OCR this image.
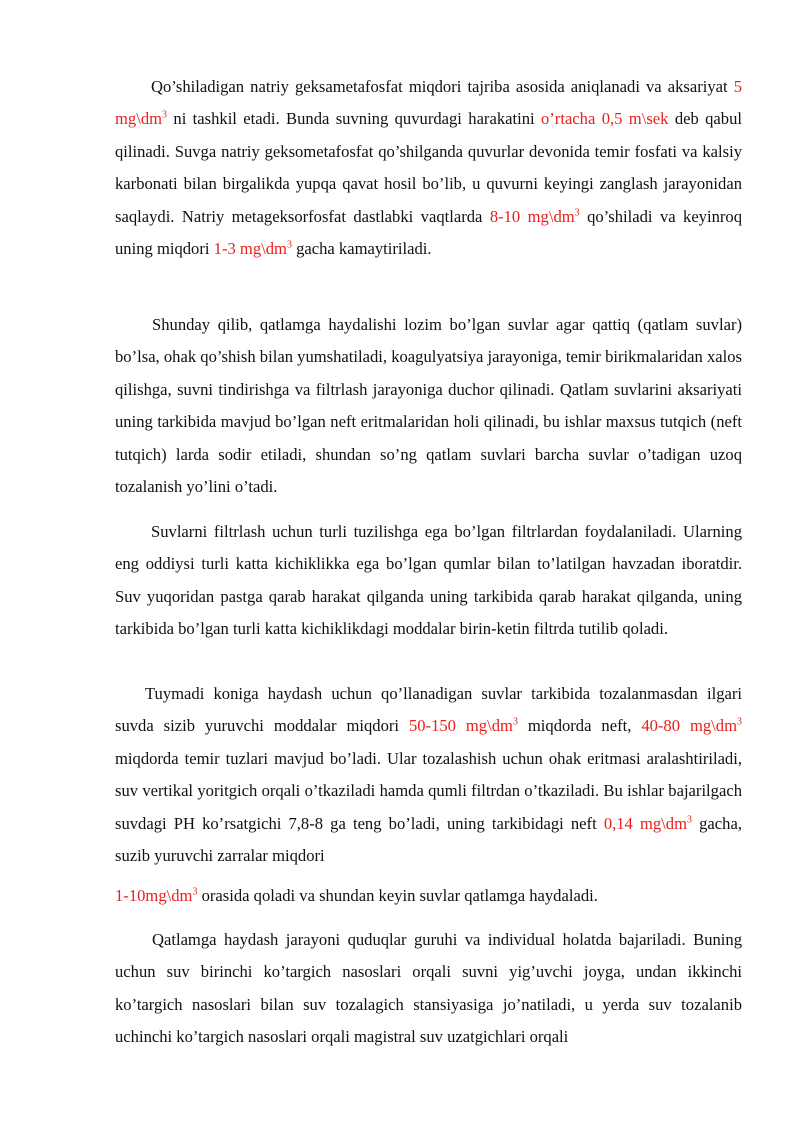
Qo’shiladigan natriy geksametafosfat miqdori tajriba asosida aniqlanadi va aksariyat 5 $mg\backslash dm^3$ ni tashkil etadi. Bunda suvning quvurdagi harakatini o’rtacha 0,5 m\sek deb qabul qilinadi. Suvga natriy geksometafosfat qo’shilganda quvurlar devonida temir fosfati va kalsiy karbonati bilan birgalikda yupqa qavat hosil bo’lib, u quvurni keyingi zanglash jarayonidan saqlaydi. Natriy metageksorfosfat dastlabki vaqtlarda 8-10 $mg\backslash dm^3$ qo’shiladi va keyinroq uning miqdori 1-3 $mg\backslash dm^3$ gacha kamaytiriladi.

Shunday qilib, qatlamga haydalishi lozim bo’lgan suvlar agar qattiq (qatlam suvlar) bo’lsa, ohak qo’shish bilan yumshatiladi, koagulyatsiya jarayoniga, temir birikmalaridan xalos qilishga, suvni tindirishga va filtrlash jarayoniga duchor qilinadi. Qatlam suvlarini aksariyati uning tarkibida mavjud bo’lgan neft eritmalaridan holi qilinadi, bu ishlar maxsus tutqich (neft tutqich) larda sodir etiladi, shundan so’ng qatlam suvlari barcha suvlar o’tadigan uzoq tozalanish yo’lini o’tadi.

Suvlarni filtrlash uchun turli tuzilishga ega bo’lgan filtrlardan foydalaniladi. Ularning eng oddiysi turli katta kichiklikka ega bo’lgan qumlar bilan to’latilgan havzadan iboratdir. Suv yuqoridan pastga qarab harakat qilganda uning tarkibida qarab harakat qilganda, uning tarkibida bo’lgan turli katta kichiklikdagi moddalar birin-ketin filtrda tutilib qoladi.

Tuymadi koniga haydash uchun qo’llanadigan suvlar tarkibida tozalanmasdan ilgari suvda sizib yuruvchi moddalar miqdori 50-150 $mg\backslash dm^3$ miqdorda neft, 40-80 $mg\backslash dm^3$ miqdorda temir tuzlari mavjud bo’ladi. Ular tozalashish uchun ohak eritmasi aralashtiriladi, suv vertikal yoritgich orqali o’tkaziladi hamda qumli filtrdan o’tkaziladi. Bu ishlar bajarilgach suvdagi PH ko’rsatgichi 7,8-8 ga teng bo’ladi, uning tarkibidagi neft 0,14 $mg\backslash dm^3$ gacha, suzib yuruvchi zarralar miqdori

$1-10mg\backslash dm^3$ orasida qoladi va shundan keyin suvlar qatlamga haydaladi.

Qatlamga haydash jarayoni quduqlar guruhi va individual holatda bajariladi. Buning uchun suv birinchi ko’targich nasoslari orqali suvni yig’uvchi joyga, undan ikkinchi ko’targich nasoslari bilan suv tozalagich stansiyasiga jo’natiladi, u yerda suv tozalanib uchinchi ko’targich nasoslari orqali magistral suv uzatgichlari orqali
